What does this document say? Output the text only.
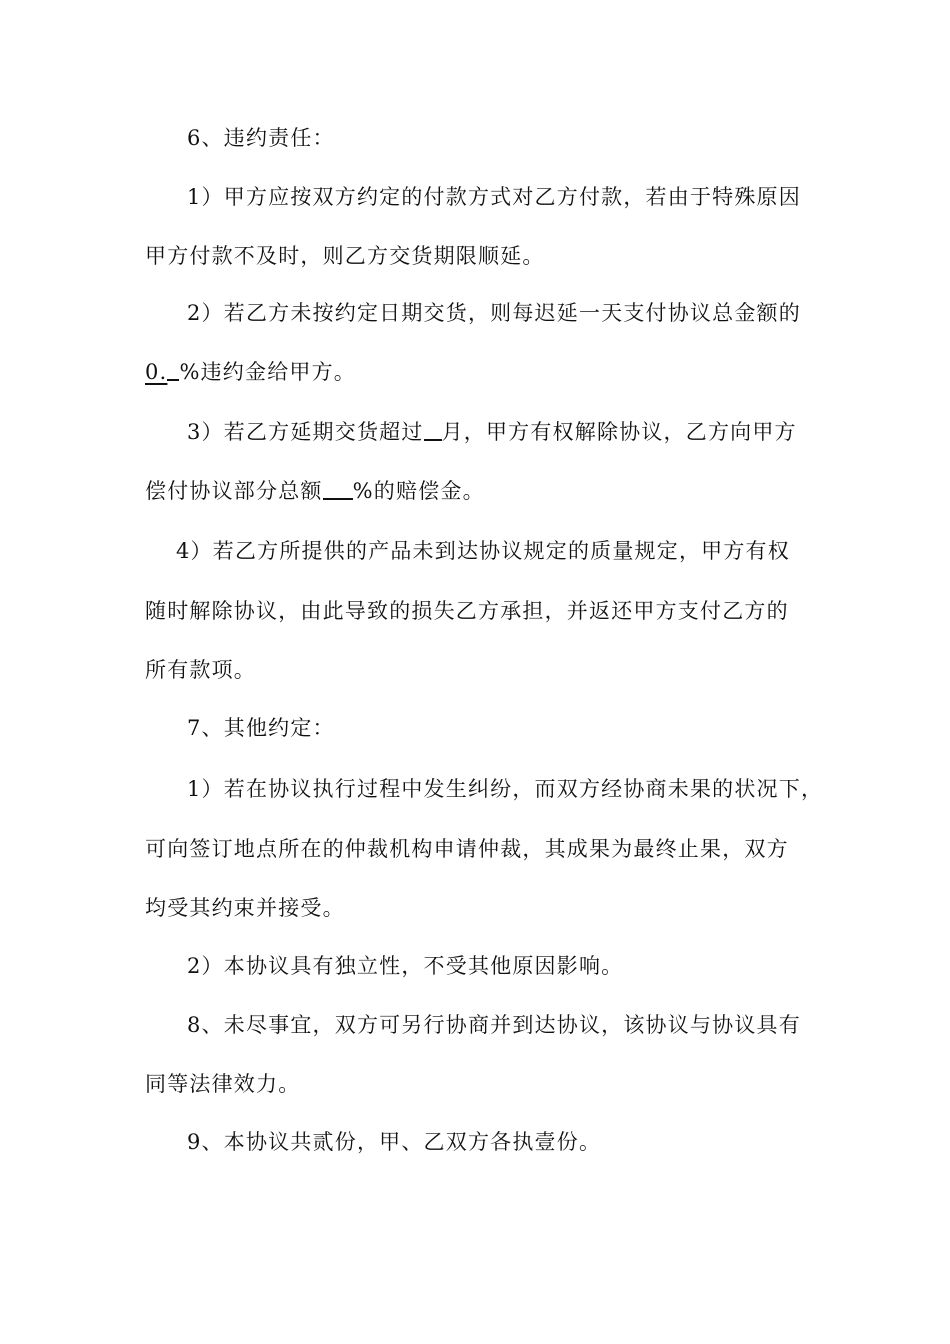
6、违约责任：
1）甲方应按双方约定的付款方式对乙方付款，若由于特殊原因
甲方付款不及时，则乙方交货期限顺延。
2）若乙方未按约定日期交货，则每迟延一天支付协议总金额的
0. %违约金给甲方。
3）若乙方延期交货超过 月，甲方有权解除协议，乙方向甲方
偿付协议部分总额 %的赔偿金。
4）若乙方所提供的产品未到达协议规定的质量规定，甲方有权
随时解除协议，由此导致的损失乙方承担，并返还甲方支付乙方的
所有款项。
7、其他约定：
1）若在协议执行过程中发生纠纷，而双方经协商未果的状况下，
可向签订地点所在的仲裁机构申请仲裁，其成果为最终止果，双方
均受其约束并接受。
2）本协议具有独立性，不受其他原因影响。
8、未尽事宜，双方可另行协商并到达协议，该协议与协议具有
同等法律效力。
9、本协议共贰份，甲、乙双方各执壹份。
